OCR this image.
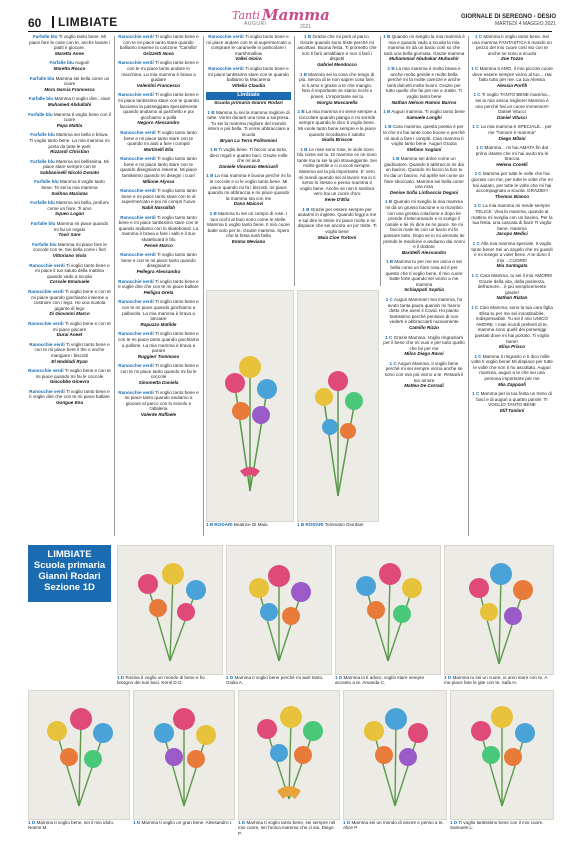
60	LIMBIATE	Tanti Mamma
AUGURI	2021
GIORNALE DI SEREGNO - DESIO
MARTEDÌ 4 MAGGIO 2021

Farfalle blu Ti voglio tanto bene. Mi piace fare le cose con te, anche lavare i piatti e giocare.
Maretta Anne

Farfalle blu Auguri!
Maretta Rocco

Farfalle blu Mamma sei bella come un cuore
Mara Garcia Francesca

Farfalle blu Mamma ti voglio dire...ciao!
Muhamed Abdullahi

Farfalle blu Mamma ti voglio bene con il cuore
Papa Mattia

Farfalle blu Mamma sei bella e brava. Ti voglio tanto bene. La mia mamma mi porta da tutte le parti
Rizzardi Christian

Farfalle blu Mamma sei bellissima. Mi piace stare sempre con te
Sabbaniselli Nicolò Donato

Farfalle blu Mamma ti voglio tanto bene. Te sei la mia mamma
Sokhna Mariama

Farfalle blu Mamma sei bella, profumi come un fiore. Ti amo
Squeo Logan

Farfalle blu Mamma mi piace quando mi fai un regalo
Tavir Sare

Farfalle blu Mamma mi piace fare le coccole con te. Sei bella come i fiori
Vittoriano Viola

Ranocchie verdi Ti voglio tanto bene e mi piace il tuo saluto della mattina quando vado a scuola
Corsale Emanuele

Ranocchie verdi Ti voglio bene e con te mi piace quando giochiamo insieme a costruire con i lego. Ho una scatola gigante di lego
Di Giovanni Marco

Ranocchie verdi Ti voglio bene e con te mi piace giocare
Durai Aneet

Ranocchie verdi Ti voglio tanto bene e con te mi piace bere il the e anche mangiare i biscotti
El Haddadi Ryan

Ranocchie verdi Ti voglio bene e con te mi piace quando mi fai le coccole
Giacobbe Ginevra

Ranocchie verdi Ti voglio tanto bene e ti voglie dire che con te mi piace ballare
Gongue Ena

Ranocchie verdi Ti voglio tanto bene e con te mi piace tanto stare quando balliamo insieme la canzone "Camilla"
Grizzetti Nova

Ranocchie verdi Ti voglio tanto bene e con te mi piace tanto andare in macchina. La mia mamma è brava a guidare
Valentini Francesco

Ranocchie verdi Ti voglio tanto bene e mi piace tantissimo stare con te quando facciamo la passeggiata specialmente quando andiamo al parchetto e poi giochiamo a palla
Negoro Alessandro

Ranocchie verdi Ti voglio tanto tanto bene e mi piace tanto stare con te quando mi aiuti a fare i compiti
Martinelli Elia

Ranocchie verdi Ti voglio tanto tanto bene e mi piace tanto stare con te quando disegniamo insieme. Mi piace tantissimo quando mi disegni i cuori
Milione Alyssa

Ranocchie verdi Ti voglio tanto tanto bene e mi piace tanto stare con te al supermercato e poi mi compri l'uovo
Nabil Nasrallah

Ranocchie verdi Ti voglio tanto tanto bene e mi piace tantissimo stare con te quando andiamo con lo skateboard. La mamma è brava a fare i salti e il suo skateboard è blu
Pennè Marco

Ranocchie verdi Ti voglio tanto tanto bene e con te mi piace tanto quando disegniamo
Pellegra Alessandra

Ranocchie verdi Ti voglio tanto bene e ti voglie dire che con te mi piace ballare
Pelligra Greta

Ranocchie verdi Ti voglio tanto bene e con te mi piace quando giochiamo a pallavolo. La mia mamma è brava a lanciare
Rapuzzo Matilde

Ranocchie verdi Ti voglio tanto bene e con te mi piace tanto quando giochiamo a pallone. La mia mamma è brava a parare
Ruggieri Tommaso

Ranocchie verdi Ti voglio tanto bene e con te mi piace tanto quando mi fai le coccole
Simonetta Daniela

Ranocchie verdi Ti voglio tanto bene e mi piace tanto quando andiamo a giocare al parco con lo scivolo e l'altalena
Valente Raffaele

Ranocchie verdi Ti voglio tanto bene e mi piace andare con te al supermercato a comprare le caramelle in particolare i marshmallow
Vallei Gioira

Ranocchie verdi Ti voglio tanto bene e mi piace tantissimo stare con te quando balliamo la Macarena
Vittelio Claudia

Limbiate
Scuola primaria Gianni Rodari

1 B Mamma tu sei la mamma migliore di tutte. Vorrei donarti una rosa a sorpresa. Tu sei la mamma migliore del mondo intero e più bella. Ti vorrei abbracciare a scuola
Bryan La Terra Politomani

1 B Ti voglio bene. Ti faccio una torta, dieci regali e quattro baci. Grazie mille che mi aiuti
Daniele Vincenzo Menicarli

1 B La mia mamma è buona perché mi fa le coccole e io le voglio tanto bene. Mi piace quando mi fa i biscotti, mi piace quando mi abbraccia e mi piace quando la mamma sta con me
Dana Maicovi

1 B Mamma tu sei un campo di rose. I tuoi occhi al buio sono come le stelle. Mamma ti voglio tanto bene. Il mio cuore batte solo per te. Grazie mamma. Spero che la festa sarà bella
Emma Meviano

1 B Grazie che mi porti al parco. Grazie quando sono triste perché mi ascoltavi. Buona festa. Ti prometto che non ti farò arrabbiare e non ti farò i dispetti
Gabriel Mendocco

1 B Mamma sei la cosa che tengo di più. Senza di te non saprei cosa fare. Io ti amo e grazie a te che mangio. Non è importante se siamo ricchi o poveri. L'importante sei tu
Giorgia Muscarella

1 B La mia mamma mi viene sempre a coccolare quando piango e mi sorride sempre quando le dico ti voglio bene. Mi vuole tanto bene sempre e le piace quando ricordiamo il salotto
Giulia Briscoe

1 B Le rose sono rose, le viole sono blu come sei tu. Di mamme ce ne sono tante ma tu sei la più straveggente. Sei molto gentile e ci coccoli sempre. Mamma sei la più importante. E' vero mi mandi quando sei al lavoro ma io ti sento lo stesso e penso mamma ti voglio bene. Anche se non ti sembra vero hai un cuore d'oro
Irene D'Elia

1 B Grazie per essere sempre per aiutarmi in inglese. Quando leggi a me e sai dire le storie mi piace molto e mi dispiace che sei ancora un po' triste. Ti voglio bene
Maia Cioe Tortoni

1 B Quando mi sveglio la mia mamma è mia e quando vado a scuola la mia mamma mi dà un bacio così so che sarà una bella giornata. Grazie mamma
Muhammad Abubakar Muhushir

1 B La mia mamma è molto brava e anche molto gentile e molto bella perché mi fa molte carezze e anche tanti dolcetti molto buoni. Grazie per tutto quello che fai per me e Justin. Ti voglio tanto bene
Nathan Nelson Ramos Barros

1 B Auguri mamma. Ti voglio tanto bene
Samuele Longhi

1 B Cara mamma, questa poesia è per te che mi hai tante cose buone e perché mi aiuti a fare i compiti. Ciao mamma ti voglio tanto bene. Auguri Grazia
Stefano Sogiani

1 B Mamma sei dolce come un giudicatore. Quando ti abbraccio mi dai un bacino. Quando mi faccio la box tu mi dai un bacino. Ad aprile sei come un fiore sbocciato. Mamma sei bella come una rosa
Denise Sofia Linfaoccia Degani

1 B Quando mi sveglio la mia mamma mi dà un grosso bacione e io ricambio con una grossa colazione e dopo lei prende il telecomando e io scelgo il canale e lei mi dice se mi piace. Se mi faccio male lei con un bacio mi fa passare tutto. Dopo se io mi ammalo lei prende le medicine e andiamo dai nonni e il dottore
Baratelli Alessandro

1 B Mamma tu per me sei unica e sei bella come un fiore rosa ed è per questo che ti voglio bene. Il mio cuore batte forte quando sei vicino a me mamma
Schiappati Sophia

1 C Auguri Mamma!!! Sei mamma, ho avuto tanta paura quando mi hanno detto che avevi il Covid. Ho pianto tantissimo perché pensavo di non vederti e abbracciarti nuovamente
Camillo Rizzo

1 C Grazie Mamma. Voglio ringraziarti per il bene che mi vuoi e per tutto quello che fai per me
Milos Diego Ravsi

1 C Auguri Mamma, ti voglio bene perché mi sei sempre vicina anche se sono con mio più vicino a te. Restarà il tuo amore
Matteo De Corradi

1 C Mamma ti voglio tanto bene. Sei una mamma FANTASTICA ti mando un pezzo del mio cuore così sto con te anche se sono a scuola
Zoe Tozzo

1 C Mamma ti AMO, il mio piccolo cuore deve essere sempre vicino al tuo... Hai fatto tutto per me. La tua Alessia
Alessia Porfili

1 C Ti voglio TANTO BENE mamma... sei la mia amica migliore! Mamma è uno perché hai un cuore immenso!!! Daniel Vitucci
Daniel Vitucci

1 C La mia mamma è SPECIALE... per me "l'amore è mamma"
Diego Milani

1 C Mamma... mi hai AMATA fin dal primo istante che mi hai avuto tra le braccia
Helena Covelli

1 C Mamma per tutte le volte che hai giocato con me, per tutte le volte che mi hai aiutato, per tutte le volte che mi hai accompagnato a scuola. GRAZIE!!!
Thomas Bianco

1 C La mia mamma mi rende sempre FELICE. Viva la mamma, quando al mattino mi sveglia con un bacino. Per la tua festa, una cascata di baci! Ti voglio bene, mamma
Jacopo Medici

1 C Alla mia mamma speciale, ti voglio tanto bene! Sei un angelo che mi guardi e mi insegni a voler bene. A te dono il mio ...CUORE!
Mia Santagata

1 C Cara Mamma, tu sei il mio AMORE! Grazie della vita, della pazienza, dell'amore... è più semplicemente grazie!
Nathan Riatan

1 C Ciao Mamma, sono la tua cara figlia Elisa tu per me sei insostituibile, indispensabile. Tu sei il mio UNICO AMORE. I miei ricordi preferiti di te, mamma sono quelli dei pomeriggi passati dove mi hai portato. Ti voglio bene!
Elisa Prisco

1 C Mamma ti ringrazio e ti dico mille volte ti voglio bene! Mi dispiace per tutte le volte che non ti ho ascoltato. Auguri mamma, auguri a te che sei una persona importante per me
Mia Zappaoli

1 C Mamma per la tua festa un treno di baci e di auguri a quattro parole: TI VOGLIO TANTO BENE
Elif Tanlani

1 B RODARI Beatrice Di Maio	1 B RODARI Tommaso Giordani
LIMBIATE
Scuola primaria
Gianni Rodari
Sezione 1D
1 D Rosina ti voglio un mondo di bene e ho bisogno dei tuoi baci. Kerol D.G.
1 D Mamma ti voglio bene perché mi aiuti tanto. Giulia A.
1 D Mamma io ti adoro, voglio stare sempre accanto a te. Amanda C.
1 D Mamma tu sei un cuore, io amo stare con te. A me piace fare le gite con te. Safa H.
1 D Mamma ti voglio bene, sei il mio idolo. Noemi M.
1 D Mamma ti voglio un gran bene. Alessandro I. 1 D Mamma ti voglio tanto bene, sei sempre nel mio cuore, sei l'unica mamma che ci sia. Diego P.
1 D Mamma sei un mondo di amore e penso a te. Alice P.
1 D Ti voglio tantissimo bene con il mio cuore. Samuele L.
